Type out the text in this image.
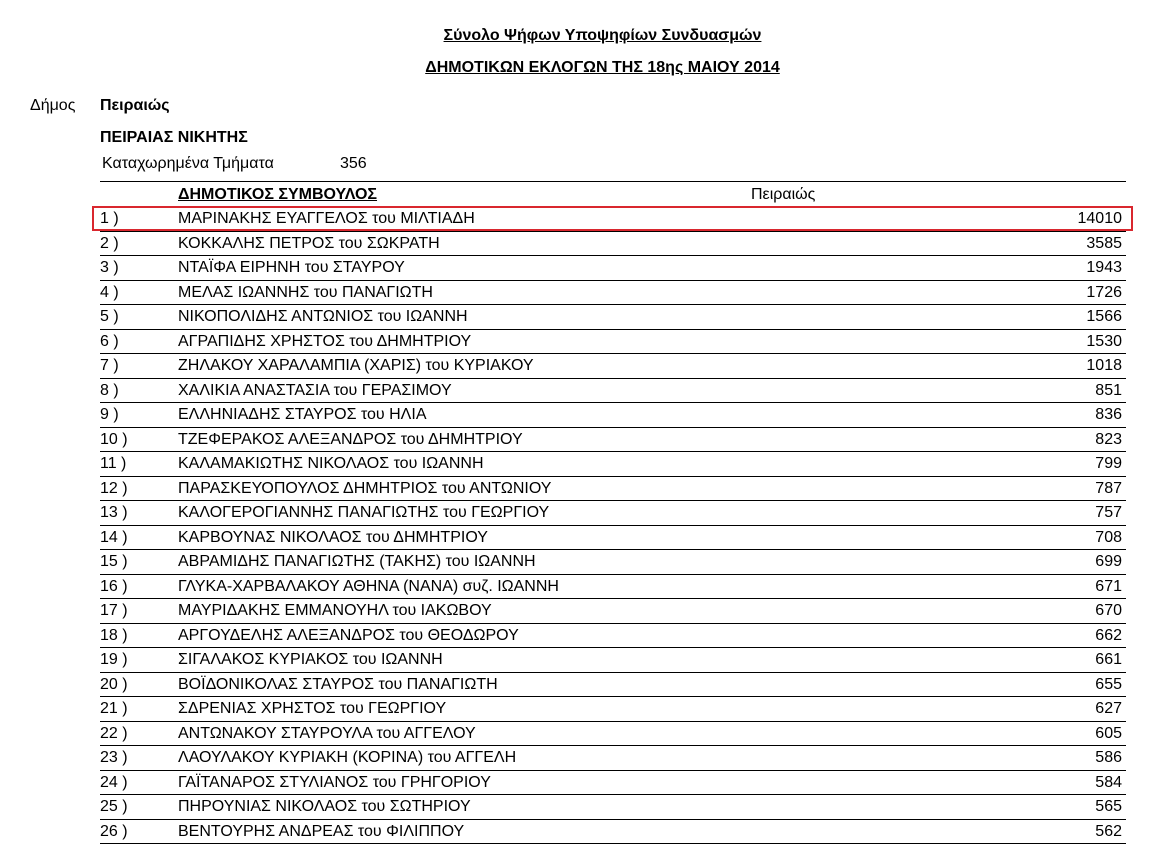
Σύνολο Ψήφων Υποψηφίων Συνδυασμών
ΔΗΜΟΤΙΚΩΝ ΕΚΛΟΓΩΝ ΤΗΣ 18ης ΜΑΙΟΥ 2014
Δήμος Πειραιώς
ΠΕΙΡΑΙΑΣ ΝΙΚΗΤΗΣ
Καταχωρημένα Τμήματα	356
ΔΗΜΟΤΙΚΟΣ ΣΥΜΒΟΥΛΟΣ	Πειραιώς
1 )	ΜΑΡΙΝΑΚΗΣ ΕΥΑΓΓΕΛΟΣ του ΜΙΛΤΙΑΔΗ	14010
2 )	ΚΟΚΚΑΛΗΣ ΠΕΤΡΟΣ του ΣΩΚΡΑΤΗ	3585
3 )	ΝΤΑΪΦΑ ΕΙΡΗΝΗ του ΣΤΑΥΡΟΥ	1943
4 )	ΜΕΛΑΣ ΙΩΑΝΝΗΣ του ΠΑΝΑΓΙΩΤΗ	1726
5 )	ΝΙΚΟΠΟΛΙΔΗΣ ΑΝΤΩΝΙΟΣ του ΙΩΑΝΝΗ	1566
6 )	ΑΓΡΑΠΙΔΗΣ ΧΡΗΣΤΟΣ του ΔΗΜΗΤΡΙΟΥ	1530
7 )	ΖΗΛΑΚΟΥ ΧΑΡΑΛΑΜΠΙΑ (ΧΑΡΙΣ) του ΚΥΡΙΑΚΟΥ	1018
8 )	ΧΑΛΙΚΙΑ ΑΝΑΣΤΑΣΙΑ του ΓΕΡΑΣΙΜΟΥ	851
9 )	ΕΛΛΗΝΙΑΔΗΣ ΣΤΑΥΡΟΣ του ΗΛΙΑ	836
10 )	ΤΖΕΦΕΡΑΚΟΣ ΑΛΕΞΑΝΔΡΟΣ του ΔΗΜΗΤΡΙΟΥ	823
11 )	ΚΑΛΑΜΑΚΙΩΤΗΣ ΝΙΚΟΛΑΟΣ του ΙΩΑΝΝΗ	799
12 )	ΠΑΡΑΣΚΕΥΟΠΟΥΛΟΣ ΔΗΜΗΤΡΙΟΣ του ΑΝΤΩΝΙΟΥ	787
13 )	ΚΑΛΟΓΕΡΟΓΙΑΝΝΗΣ ΠΑΝΑΓΙΩΤΗΣ του ΓΕΩΡΓΙΟΥ	757
14 )	ΚΑΡΒΟΥΝΑΣ ΝΙΚΟΛΑΟΣ του ΔΗΜΗΤΡΙΟΥ	708
15 )	ΑΒΡΑΜΙΔΗΣ ΠΑΝΑΓΙΩΤΗΣ (ΤΑΚΗΣ) του ΙΩΑΝΝΗ	699
16 )	ΓΛΥΚΑ-ΧΑΡΒΑΛΑΚΟΥ ΑΘΗΝΑ (ΝΑΝΑ) συζ. ΙΩΑΝΝΗ	671
17 )	ΜΑΥΡΙΔΑΚΗΣ ΕΜΜΑΝΟΥΗΛ του ΙΑΚΩΒΟΥ	670
18 )	ΑΡΓΟΥΔΕΛΗΣ ΑΛΕΞΑΝΔΡΟΣ του ΘΕΟΔΩΡΟΥ	662
19 )	ΣΙΓΑΛΑΚΟΣ ΚΥΡΙΑΚΟΣ του ΙΩΑΝΝΗ	661
20 )	ΒΟΪΔΟΝΙΚΟΛΑΣ ΣΤΑΥΡΟΣ του ΠΑΝΑΓΙΩΤΗ	655
21 )	ΣΔΡΕΝΙΑΣ ΧΡΗΣΤΟΣ του ΓΕΩΡΓΙΟΥ	627
22 )	ΑΝΤΩΝΑΚΟΥ ΣΤΑΥΡΟΥΛΑ του ΑΓΓΕΛΟΥ	605
23 )	ΛΑΟΥΛΑΚΟΥ ΚΥΡΙΑΚΗ (ΚΟΡΙΝΑ) του ΑΓΓΕΛΗ	586
24 )	ΓΑΪΤΑΝΑΡΟΣ ΣΤΥΛΙΑΝΟΣ του ΓΡΗΓΟΡΙΟΥ	584
25 )	ΠΗΡΟΥΝΙΑΣ ΝΙΚΟΛΑΟΣ του ΣΩΤΗΡΙΟΥ	565
26 )	ΒΕΝΤΟΥΡΗΣ ΑΝΔΡΕΑΣ του ΦΙΛΙΠΠΟΥ	562
